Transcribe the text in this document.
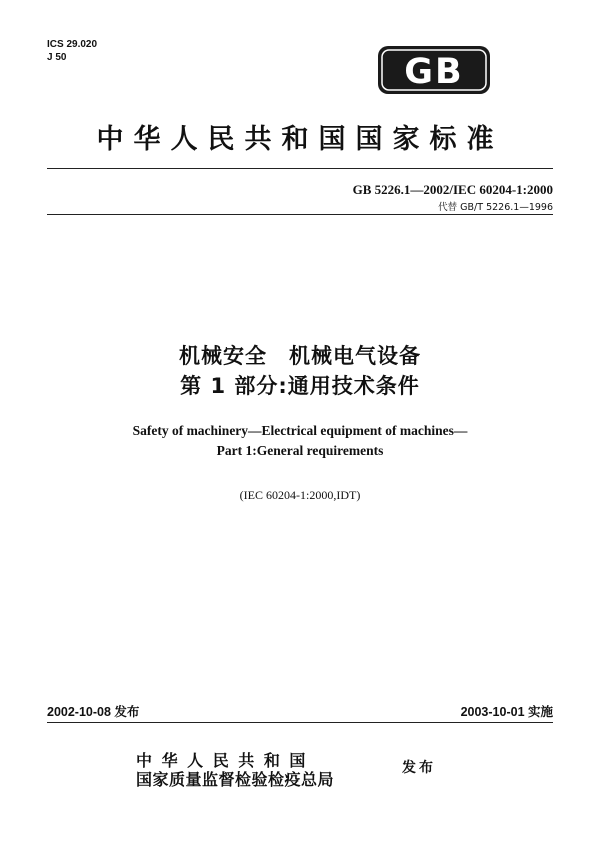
ICS 29.020
J 50	GB
中华人民共和国国家标准
GB 5226.1—2002/IEC 60204-1:2000
代替 GB/T 5226.1—1996
机械安全　机械电气设备
第 1 部分:通用技术条件
Safety of machinery—Electrical equipment of machines—
Part 1:General requirements
(IEC 60204-1:2000,IDT)
2002-10-08 发布	2003-10-01 实施
中 华 人 民 共 和 国
国家质量监督检验检疫总局
发布
